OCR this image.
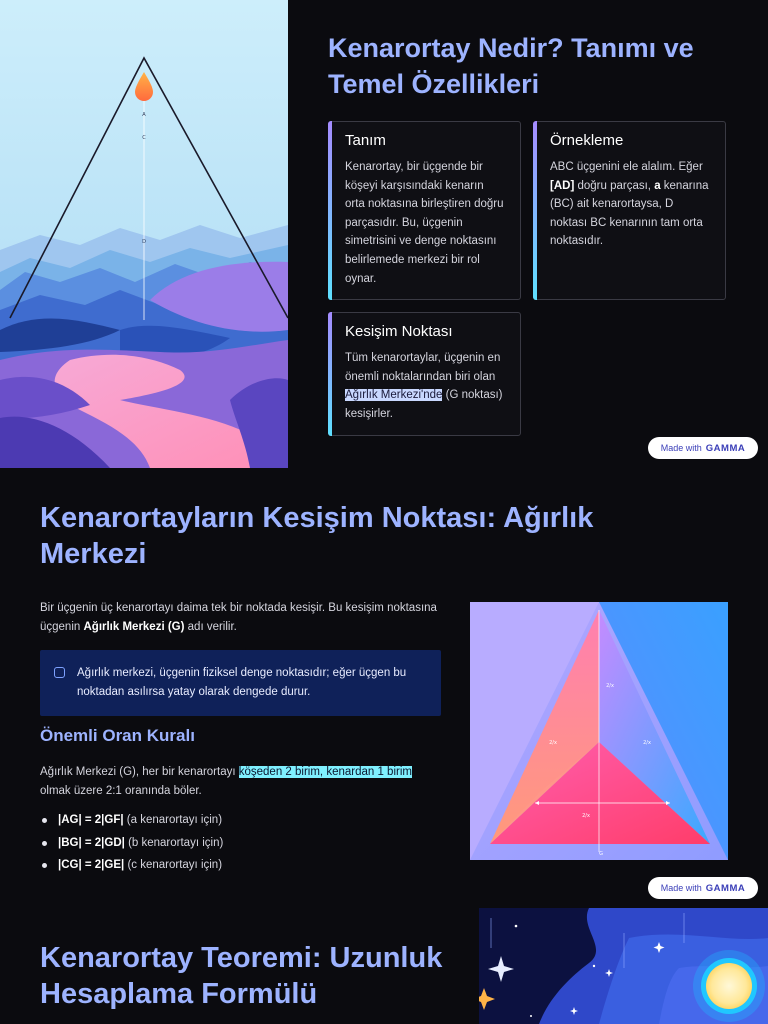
A
C
D
Kenarortay Nedir? Tanımı ve Temel Özellikleri
Tanım

Kenarortay, bir üçgende bir köşeyi karşısındaki kenarın orta noktasına birleştiren doğru parçasıdır. Bu, üçgenin simetrisini ve denge noktasını belirlemede merkezi bir rol oynar.

Örnekleme

ABC üçgenini ele alalım. Eğer [AD] doğru parçası, a kenarına (BC) ait kenarortaysa, D noktası BC kenarının tam orta noktasıdır.

Kesişim Noktası

Tüm kenarortaylar, üçgenin en önemli noktalarından biri olan Ağırlık Merkezi'nde (G noktası) kesişirler.

Made with GAMMA
Kenarortayların Kesişim Noktası: Ağırlık Merkezi

Bir üçgenin üç kenarortayı daima tek bir noktada kesişir. Bu kesişim noktasına üçgenin Ağırlık Merkezi (G) adı verilir.

Ağırlık merkezi, üçgenin fiziksel denge noktasıdır; eğer üçgen bu noktadan asılırsa yatay olarak dengede durur.
Önemli Oran Kuralı

Ağırlık Merkezi (G), her bir kenarortayı köşeden 2 birim, kenardan 1 birim olmak üzere 2:1 oranında böler.

|AG| = 2|GF| (a kenarortayı için)
|BG| = 2|GD| (b kenarortayı için)
|CG| = 2|GE| (c kenarortayı için)
2/x
2/x	2/x
2/x
G
Made with GAMMA
Kenarortay Teoremi: Uzunluk Hesaplama Formülü
